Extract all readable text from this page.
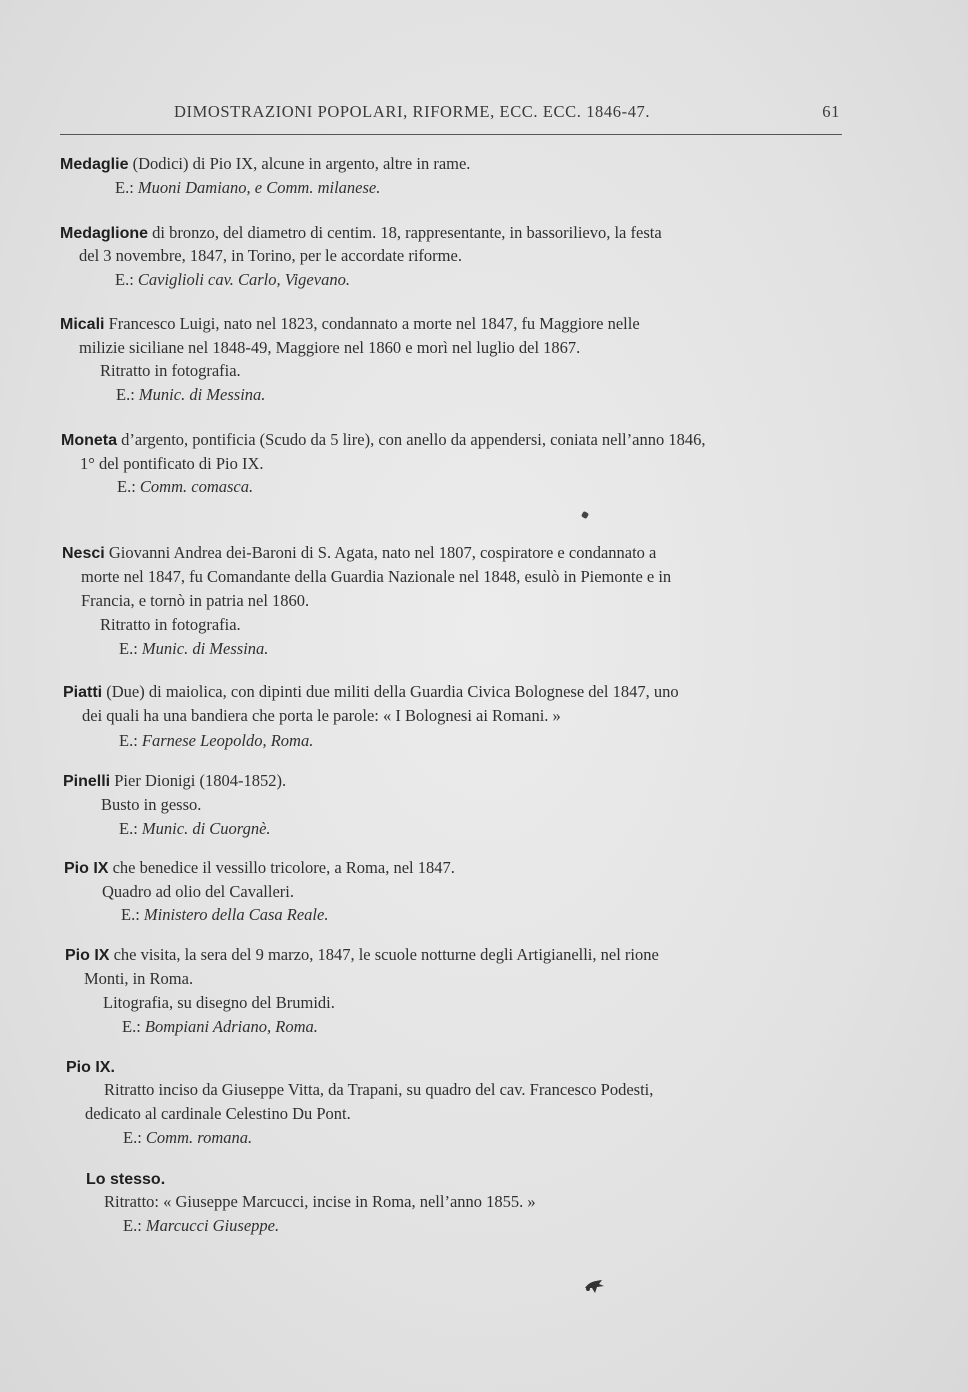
DIMOSTRAZIONI POPOLARI, RIFORME, ECC. ECC. 1846-47.	61
Medaglie (Dodici) di Pio IX, alcune in argento, altre in rame.
E.: Muoni Damiano, e Comm. milanese.
Medaglione di bronzo, del diametro di centim. 18, rappresentante, in bassorilievo, la festa
del 3 novembre, 1847, in Torino, per le accordate riforme.
E.: Caviglioli cav. Carlo, Vigevano.
Micali Francesco Luigi, nato nel 1823, condannato a morte nel 1847, fu Maggiore nelle
milizie siciliane nel 1848-49, Maggiore nel 1860 e morì nel luglio del 1867.
Ritratto in fotografia.
E.: Munic. di Messina.
Moneta d’argento, pontificia (Scudo da 5 lire), con anello da appendersi, coniata nell’anno 1846,
1° del pontificato di Pio IX.
E.: Comm. comasca.
Nesci Giovanni Andrea dei-Baroni di S. Agata, nato nel 1807, cospiratore e condannato a
morte nel 1847, fu Comandante della Guardia Nazionale nel 1848, esulò in Piemonte e in
Francia, e tornò in patria nel 1860.
Ritratto in fotografia.
E.: Munic. di Messina.
Piatti (Due) di maiolica, con dipinti due militi della Guardia Civica Bolognese del 1847, uno
dei quali ha una bandiera che porta le parole: « I Bolognesi ai Romani. »
E.: Farnese Leopoldo, Roma.
Pinelli Pier Dionigi (1804-1852).
Busto in gesso.
E.: Munic. di Cuorgnè.
Pio IX che benedice il vessillo tricolore, a Roma, nel 1847.
Quadro ad olio del Cavalleri.
E.: Ministero della Casa Reale.
Pio IX che visita, la sera del 9 marzo, 1847, le scuole notturne degli Artigianelli, nel rione
Monti, in Roma.
Litografia, su disegno del Brumidi.
E.: Bompiani Adriano, Roma.
Pio IX.
Ritratto inciso da Giuseppe Vitta, da Trapani, su quadro del cav. Francesco Podesti,
dedicato al cardinale Celestino Du Pont.
E.: Comm. romana.
Lo stesso.
Ritratto: « Giuseppe Marcucci, incise in Roma, nell’anno 1855. »
E.: Marcucci Giuseppe.
